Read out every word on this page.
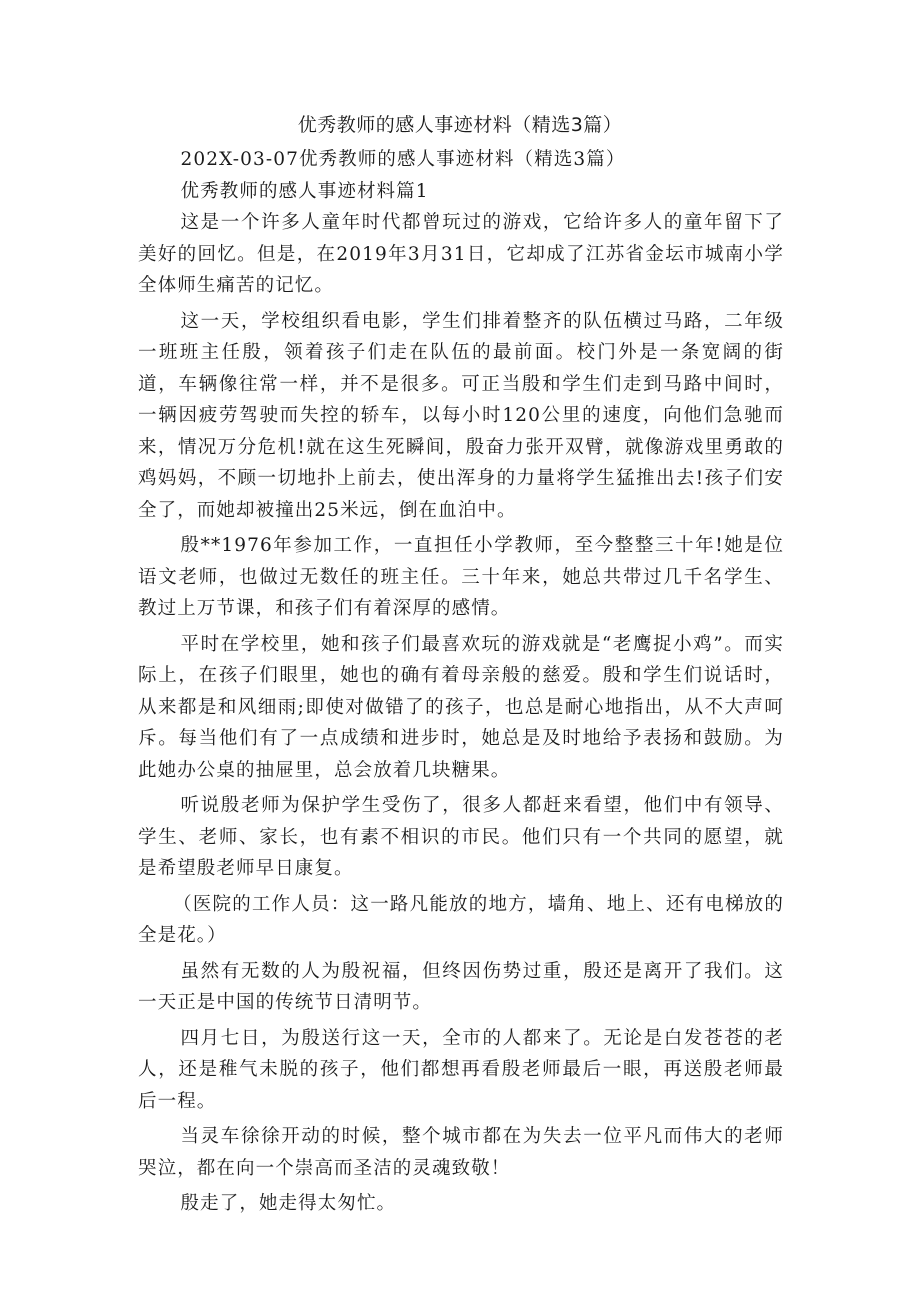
优秀教师的感人事迹材料（精选3篇）

202X-03-07优秀教师的感人事迹材料（精选3篇）

优秀教师的感人事迹材料篇1

这是一个许多人童年时代都曾玩过的游戏，它给许多人的童年留下了美好的回忆。但是，在2019年3月31日，它却成了江苏省金坛市城南小学全体师生痛苦的记忆。

这一天，学校组织看电影，学生们排着整齐的队伍横过马路，二年级一班班主任殷，领着孩子们走在队伍的最前面。校门外是一条宽阔的街道，车辆像往常一样，并不是很多。可正当殷和学生们走到马路中间时，一辆因疲劳驾驶而失控的轿车，以每小时120公里的速度，向他们急驰而来，情况万分危机!就在这生死瞬间，殷奋力张开双臂，就像游戏里勇敢的鸡妈妈，不顾一切地扑上前去，使出浑身的力量将学生猛推出去!孩子们安全了，而她却被撞出25米远，倒在血泊中。

殷**1976年参加工作，一直担任小学教师，至今整整三十年!她是位语文老师，也做过无数任的班主任。三十年来，她总共带过几千名学生、教过上万节课，和孩子们有着深厚的感情。

平时在学校里，她和孩子们最喜欢玩的游戏就是“老鹰捉小鸡”。而实际上，在孩子们眼里，她也的确有着母亲般的慈爱。殷和学生们说话时，从来都是和风细雨;即使对做错了的孩子，也总是耐心地指出，从不大声呵斥。每当他们有了一点成绩和进步时，她总是及时地给予表扬和鼓励。为此她办公桌的抽屉里，总会放着几块糖果。

听说殷老师为保护学生受伤了，很多人都赶来看望，他们中有领导、学生、老师、家长，也有素不相识的市民。他们只有一个共同的愿望，就是希望殷老师早日康复。

（医院的工作人员：这一路凡能放的地方，墙角、地上、还有电梯放的全是花。）

虽然有无数的人为殷祝福，但终因伤势过重，殷还是离开了我们。这一天正是中国的传统节日清明节。

四月七日，为殷送行这一天，全市的人都来了。无论是白发苍苍的老人，还是稚气未脱的孩子，他们都想再看殷老师最后一眼，再送殷老师最后一程。

当灵车徐徐开动的时候，整个城市都在为失去一位平凡而伟大的老师哭泣，都在向一个崇高而圣洁的灵魂致敬！

殷走了，她走得太匆忙。
